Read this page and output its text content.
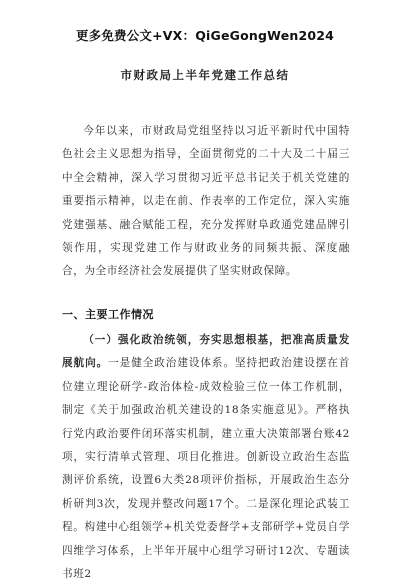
更多免费公文+VX：QiGeGongWen2024
市财政局上半年党建工作总结
今年以来，市财政局党组坚持以习近平新时代中国特色社会主义思想为指导，全面贯彻党的二十大及二十届三中全会精神，深入学习贯彻习近平总书记关于机关党建的重要指示精神，以走在前、作表率的工作定位，深入实施党建强基、融合赋能工程，充分发挥财阜政通党建品牌引领作用，实现党建工作与财政业务的同频共振、深度融合，为全市经济社会发展提供了坚实财政保障。
一、主要工作情况
（一）强化政治统领，夯实思想根基，把准高质量发展航向。一是健全政治建设体系。坚持把政治建设摆在首位建立理论研学-政治体检-成效检验三位一体工作机制，制定《关于加强政治机关建设的18条实施意见》。严格执行党内政治要件闭环落实机制，建立重大决策部署台账42项，实行清单式管理、项目化推进。创新设立政治生态监测评价系统，设置6大类28项评价指标，开展政治生态分析研判3次，发现并整改问题17个。二是深化理论武装工程。构建中心组领学+机关党委督学+支部研学+党员自学四维学习体系，上半年开展中心组学习研讨12次、专题读书班2
